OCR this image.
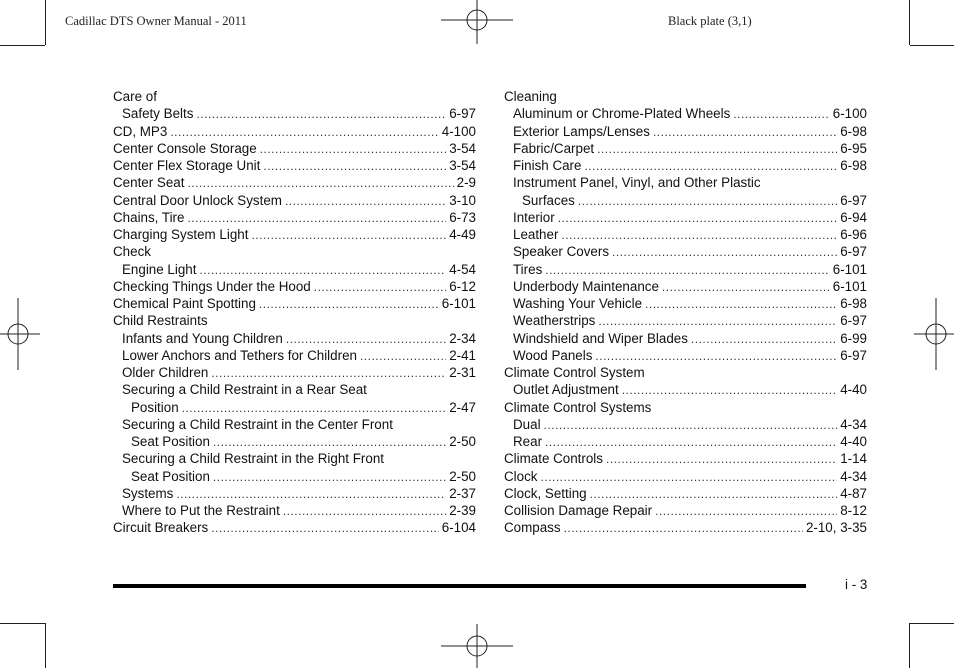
Cadillac DTS Owner Manual - 2011	Black plate (3,1)
Care of
Safety Belts .....	6-97
CD, MP3 .....	4-100
Center Console Storage .....	3-54
Center Flex Storage Unit .....	3-54
Center Seat .....	2-9
Central Door Unlock System .....	3-10
Chains, Tire .....	6-73
Charging System Light .....	4-49
Check
Engine Light .....	4-54
Checking Things Under the Hood .....	6-12
Chemical Paint Spotting .....	6-101
Child Restraints
Infants and Young Children .....	2-34
Lower Anchors and Tethers for Children .....	2-41
Older Children .....	2-31
Securing a Child Restraint in a Rear Seat
Position .....	2-47
Securing a Child Restraint in the Center Front
Seat Position .....	2-50
Securing a Child Restraint in the Right Front
Seat Position .....	2-50
Systems .....	2-37
Where to Put the Restraint .....	2-39
Circuit Breakers .....	6-104
Cleaning
Aluminum or Chrome-Plated Wheels .....	6-100
Exterior Lamps/Lenses .....	6-98
Fabric/Carpet .....	6-95
Finish Care .....	6-98
Instrument Panel, Vinyl, and Other Plastic
Surfaces .....	6-97
Interior .....	6-94
Leather .....	6-96
Speaker Covers .....	6-97
Tires .....	6-101
Underbody Maintenance .....	6-101
Washing Your Vehicle .....	6-98
Weatherstrips .....	6-97
Windshield and Wiper Blades .....	6-99
Wood Panels .....	6-97
Climate Control System
Outlet Adjustment .....	4-40
Climate Control Systems
Dual .....	4-34
Rear .....	4-40
Climate Controls .....	1-14
Clock .....	4-34
Clock, Setting .....	4-87
Collision Damage Repair .....	8-12
Compass .....	2-10, 3-35
i - 3
